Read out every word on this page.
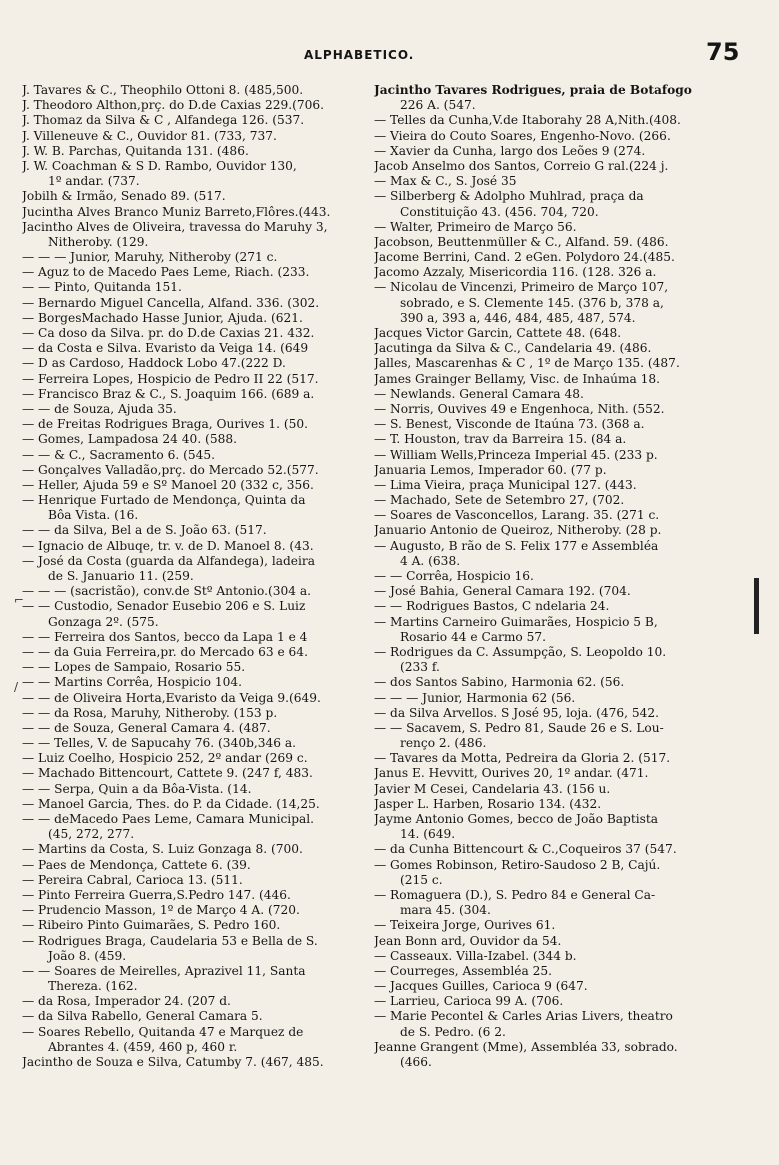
ALPHABETICO.	75
J. Tavares & C., Theophilo Ottoni 8. (485,500.
J. Theodoro Althon,prç. do D.de Caxias 229.(706.
J. Thomaz da Silva & C , Alfandega 126. (537.
J. Villeneuve & C., Ouvidor 81. (733, 737.
J. W. B. Parchas, Quitanda 131. (486.
J. W. Coachman & S D. Rambo, Ouvidor 130,
1º andar. (737.
Jobilh & Irmão, Senado 89. (517.
Jucintha Alves Branco Muniz Barreto,Flôres.(443.
Jacintho Alves de Oliveira, travessa do Maruhy 3,
Nitheroby. (129.
— — — Junior, Maruhy, Nitheroby (271 c.
— Aguz to de Macedo Paes Leme, Riach. (233.
— — Pinto, Quitanda 151.
— Bernardo Miguel Cancella, Alfand. 336. (302.
— BorgesMachado Hasse Junior, Ajuda. (621.
— Ca doso da Silva. pr. do D.de Caxias 21. 432.
— da Costa e Silva. Evaristo da Veiga 14. (649
— D as Cardoso, Haddock Lobo 47.(222 D.
— Ferreira Lopes, Hospicio de Pedro II 22 (517.
— Francisco Braz & C., S. Joaquim 166. (689 a.
— — de Souza, Ajuda 35.
— de Freitas Rodrigues Braga, Ourives 1. (50.
— Gomes, Lampadosa 24 40. (588.
— — & C., Sacramento 6. (545.
— Gonçalves Valladão,prç. do Mercado 52.(577.
— Heller, Ajuda 59 e Sº Manoel 20 (332 c, 356.
— Henrique Furtado de Mendonça, Quinta da
Bôa Vista. (16.
— — da Silva, Bel a de S. João 63. (517.
— Ignacio de Albuqe, tr. v. de D. Manoel 8. (43.
— José da Costa (guarda da Alfandega), ladeira
de S. Januario 11. (259.
— — — (sacristão), conv.de Stº Antonio.(304 a.
— — Custodio, Senador Eusebio 206 e S. Luiz
Gonzaga 2º. (575.
— — Ferreira dos Santos, becco da Lapa 1 e 4
— — da Guia Ferreira,pr. do Mercado 63 e 64.
— — Lopes de Sampaio, Rosario 55.
— — Martins Corrêa, Hospicio 104.
— — de Oliveira Horta,Evaristo da Veiga 9.(649.
— — da Rosa, Maruhy, Nitheroby. (153 p.
— — de Souza, General Camara 4. (487.
— — Telles, V. de Sapucahy 76. (340b,346 a.
— Luiz Coelho, Hospicio 252, 2º andar (269 c.
— Machado Bittencourt, Cattete 9. (247 f, 483.
— — Serpa, Quin a da Bôa-Vista. (14.
— Manoel Garcia, Thes. do P. da Cidade. (14,25.
— — deMacedo Paes Leme, Camara Municipal.
(45, 272, 277.
— Martins da Costa, S. Luiz Gonzaga 8. (700.
— Paes de Mendonça, Cattete 6. (39.
— Pereira Cabral, Carioca 13. (511.
— Pinto Ferreira Guerra,S.Pedro 147. (446.
— Prudencio Masson, 1º de Março 4 A. (720.
— Ribeiro Pinto Guimarães, S. Pedro 160.
— Rodrigues Braga, Caudelaria 53 e Bella de S.
João 8. (459.
— — Soares de Meirelles, Aprazivel 11, Santa
Thereza. (162.
— da Rosa, Imperador 24. (207 d.
— da Silva Rabello, General Camara 5.
— Soares Rebello, Quitanda 47 e Marquez de
Abrantes 4. (459, 460 p, 460 r.
Jacintho de Souza e Silva, Catumby 7. (467, 485.
Jacintho Tavares Rodrigues, praia de Botafogo
226 A. (547.
— Telles da Cunha,V.de Itaborahy 28 A,Nith.(408.
— Vieira do Couto Soares, Engenho-Novo. (266.
— Xavier da Cunha, largo dos Leões 9 (274.
Jacob Anselmo dos Santos, Correio G ral.(224 j.
— Max & C., S. José 35
— Silberberg & Adolpho Muhlrad, praça da
Constituição 43. (456. 704, 720.
— Walter, Primeiro de Março 56.
Jacobson, Beuttenmüller & C., Alfand. 59. (486.
Jacome Berrini, Cand. 2 eGen. Polydoro 24.(485.
Jacomo Azzaly, Misericordia 116. (128. 326 a.
— Nicolau de Vincenzi, Primeiro de Março 107,
sobrado, e S. Clemente 145. (376 b, 378 a,
390 a, 393 a, 446, 484, 485, 487, 574.
Jacques Victor Garcin, Cattete 48. (648.
Jacutinga da Silva & C., Candelaria 49. (486.
Jalles, Mascarenhas & C , 1º de Março 135. (487.
James Grainger Bellamy, Visc. de Inhaúma 18.
— Newlands. General Camara 48.
— Norris, Ouvives 49 e Engenhoca, Nith. (552.
— S. Benest, Visconde de Itaúna 73. (368 a.
— T. Houston, trav da Barreira 15. (84 a.
— William Wells,Princeza Imperial 45. (233 p.
Januaria Lemos, Imperador 60. (77 p.
— Lima Vieira, praça Municipal 127. (443.
— Machado, Sete de Setembro 27, (702.
— Soares de Vasconcellos, Larang. 35. (271 c.
Januario Antonio de Queiroz, Nitheroby. (28 p.
— Augusto, B rão de S. Felix 177 e Assembléa
4 A. (638.
— — Corrêa, Hospicio 16.
— José Bahia, General Camara 192. (704.
— — Rodrigues Bastos, C ndelaria 24.
— Martins Carneiro Guimarães, Hospicio 5 B,
Rosario 44 e Carmo 57.
— Rodrigues da C. Assumpção, S. Leopoldo 10.
(233 f.
— dos Santos Sabino, Harmonia 62. (56.
— — — Junior, Harmonia 62 (56.
— da Silva Arvellos. S José 95, loja. (476, 542.
— — Sacavem, S. Pedro 81, Saude 26 e S. Lou-
renço 2. (486.
— Tavares da Motta, Pedreira da Gloria 2. (517.
Janus E. Hevvitt, Ourives 20, 1º andar. (471.
Javier M Cesei, Candelaria 43. (156 u.
Jasper L. Harben, Rosario 134. (432.
Jayme Antonio Gomes, becco de João Baptista
14. (649.
— da Cunha Bittencourt & C.,Coqueiros 37 (547.
— Gomes Robinson, Retiro-Saudoso 2 B, Cajú.
(215 c.
— Romaguera (D.), S. Pedro 84 e General Ca-
mara 45. (304.
— Teixeira Jorge, Ourives 61.
Jean Bonn ard, Ouvidor da 54.
— Casseaux. Villa-Izabel. (344 b.
— Courreges, Assembléa 25.
— Jacques Guilles, Carioca 9 (647.
— Larrieu, Carioca 99 A. (706.
— Marie Pecontel & Carles Arias Livers, theatro
de S. Pedro. (6 2.
Jeanne Grangent (Mme), Assembléa 33, sobrado.
(466.
⌐
/
